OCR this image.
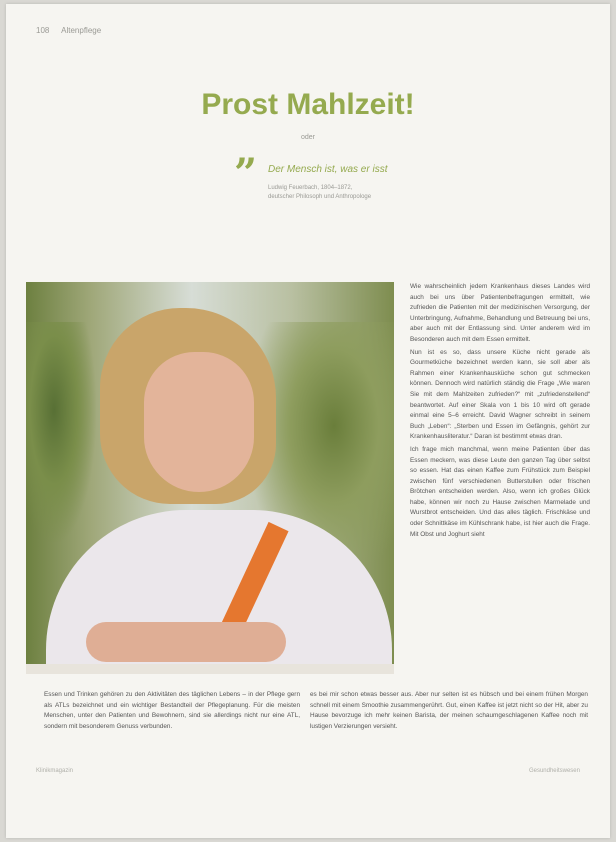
108 Altenpflege
Prost Mahlzeit!
oder
” Der Mensch ist, was er isst
Ludwig Feuerbach, 1804–1872,
deutscher Philosoph und Anthropologe

Wie wahrscheinlich jedem Krankenhaus dieses Landes wird auch bei uns über Patientenbefragungen ermittelt, wie zufrieden die Patienten mit der medizinischen Versorgung, der Unterbringung, Aufnahme, Behandlung und Betreuung bei uns, aber auch mit der Entlassung sind. Unter anderem wird im Besonderen auch mit dem Essen ermittelt.

Nun ist es so, dass unsere Küche nicht gerade als Gourmetküche bezeichnet werden kann, sie soll aber als Rahmen einer Krankenhausküche schon gut schmecken können. Dennoch wird natürlich ständig die Frage „Wie waren Sie mit dem Mahlzeiten zufrieden?“ mit „zufriedenstellend“ beantwortet. Auf einer Skala von 1 bis 10 wird oft gerade einmal eine 5–6 erreicht. David Wagner schreibt in seinem Buch „Leben“: „Sterben und Essen im Gefängnis, gehört zur Krankenhausliteratur.“ Daran ist bestimmt etwas dran.

Ich frage mich manchmal, wenn meine Patienten über das Essen meckern, was diese Leute den ganzen Tag über selbst so essen. Hat das einen Kaffee zum Frühstück zum Beispiel zwischen fünf verschiedenen Butterstullen oder frischen Brötchen entscheiden werden. Also, wenn ich großes Glück habe, können wir noch zu Hause zwischen Marmelade und Wurstbrot entscheiden. Und das alles täglich. Frischkäse und oder Schnittkäse im Kühlschrank habe, ist hier auch die Frage. Mit Obst und Joghurt sieht

Essen und Trinken gehören zu den Aktivitäten des täglichen Lebens – in der Pflege gern als ATLs bezeichnet und ein wichtiger Bestandteil der Pflegeplanung. Für die meisten Menschen, unter den Patienten und Bewohnern, sind sie allerdings nicht nur eine ATL, sondern mit besonderem Genuss verbunden.
es bei mir schon etwas besser aus. Aber nur selten ist es hübsch und bei einem frühen Morgen schnell mit einem Smoothie zusammengerührt. Gut, einen Kaffee ist jetzt nicht so der Hit, aber zu Hause bevorzuge ich mehr keinen Barista, der meinen schaumgeschlagenen Kaffee noch mit lustigen Verzierungen versieht.
Klinikmagazin	Gesundheitswesen
